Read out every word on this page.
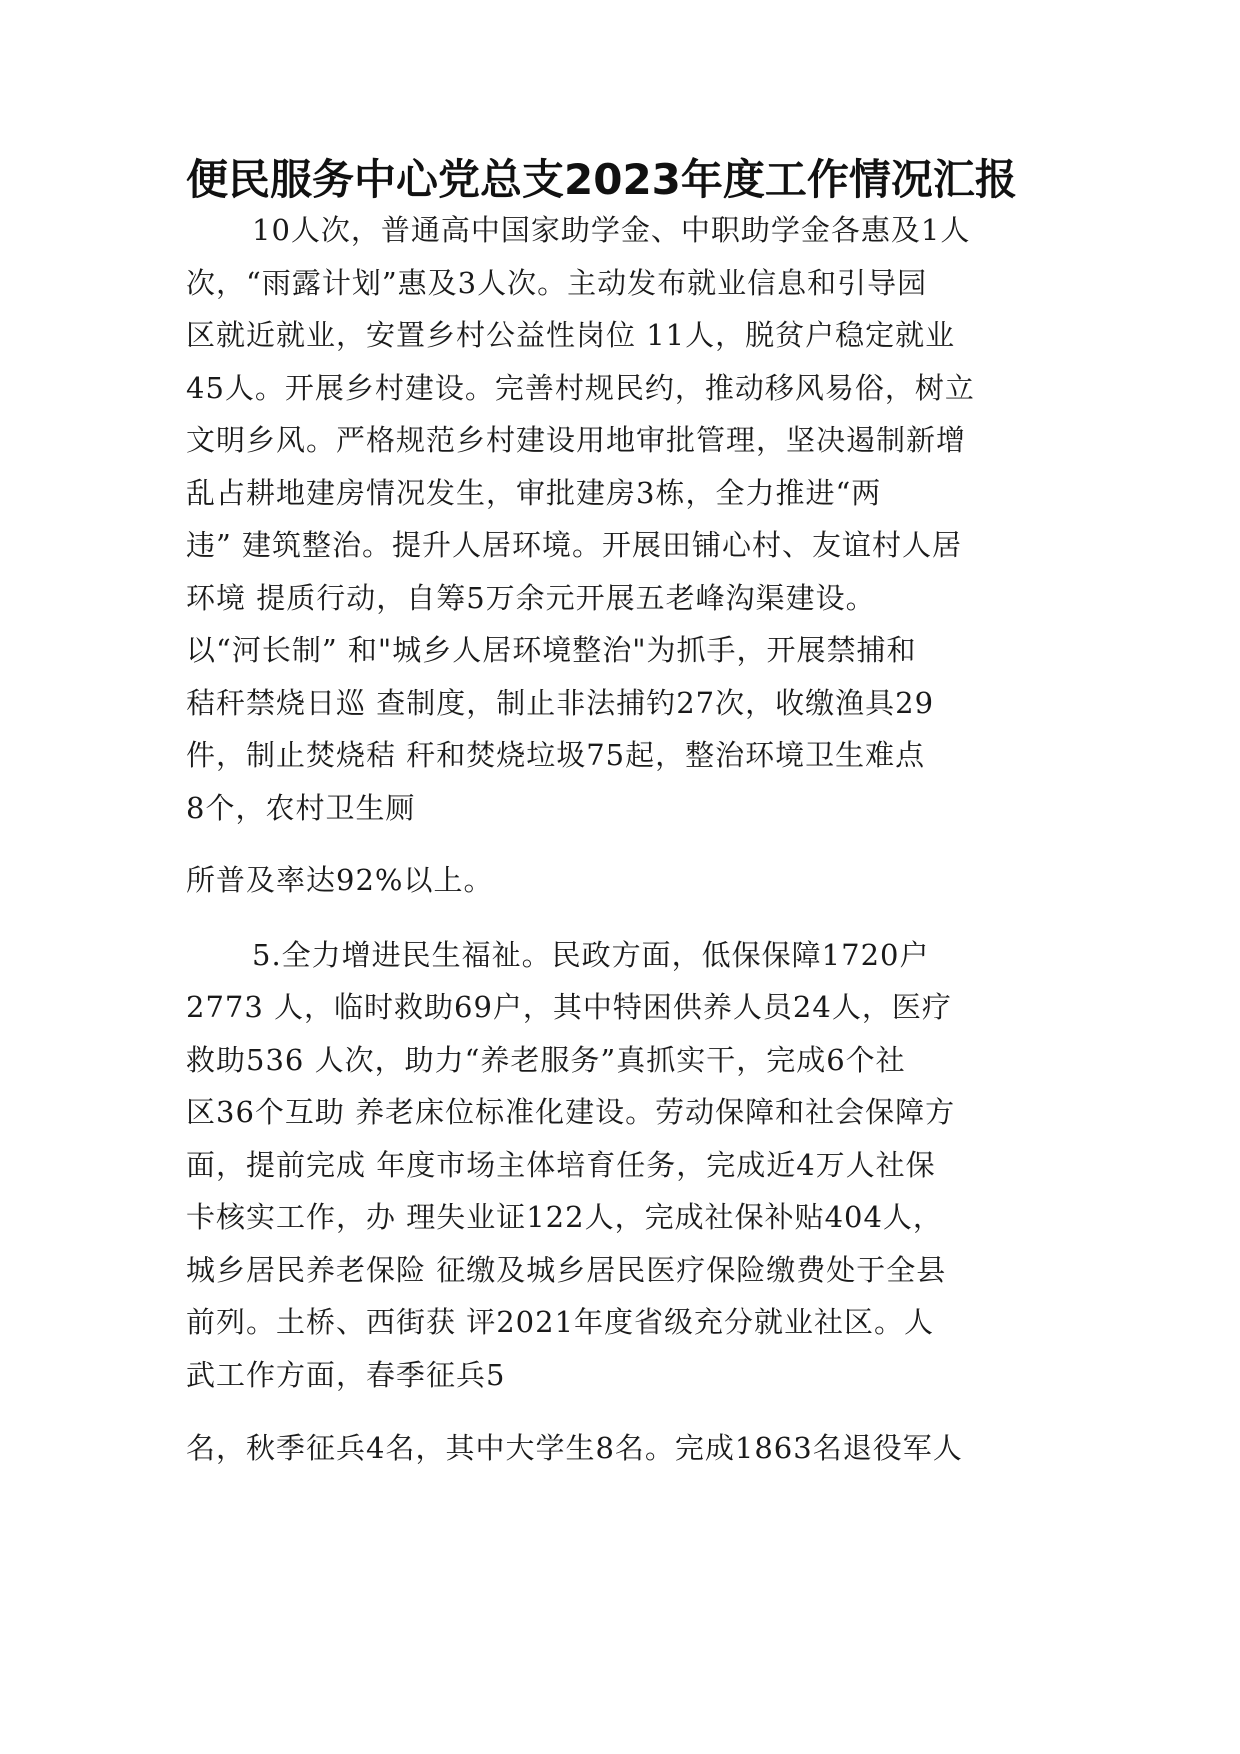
便民服务中心党总支2023年度工作情况汇报

10人次，普通高中国家助学金、中职助学金各惠及1人

次，“雨露计划”惠及3人次。主动发布就业信息和引导园

区就近就业，安置乡村公益性岗位 11人，脱贫户稳定就业

45人。开展乡村建设。完善村规民约，推动移风易俗，树立

文明乡风。严格规范乡村建设用地审批管理，坚决遏制新增

乱占耕地建房情况发生，审批建房3栋，全力推进“两

违” 建筑整治。提升人居环境。开展田铺心村、友谊村人居

环境 提质行动，自筹5万余元开展五老峰沟渠建设。

以“河长制” 和"城乡人居环境整治"为抓手，开展禁捕和

秸秆禁烧日巡 查制度，制止非法捕钓27次，收缴渔具29

件，制止焚烧秸 秆和焚烧垃圾75起，整治环境卫生难点

8个，农村卫生厕

所普及率达92%以上。

5.全力增进民生福祉。民政方面，低保保障1720户

2773 人，临时救助69户，其中特困供养人员24人，医疗

救助536 人次，助力“养老服务”真抓实干，完成6个社

区36个互助 养老床位标准化建设。劳动保障和社会保障方

面，提前完成 年度市场主体培育任务，完成近4万人社保

卡核实工作，办 理失业证122人，完成社保补贴404人，

城乡居民养老保险 征缴及城乡居民医疗保险缴费处于全县

前列。土桥、西街获 评2021年度省级充分就业社区。人

武工作方面，春季征兵5

名，秋季征兵4名，其中大学生8名。完成1863名退役军人
